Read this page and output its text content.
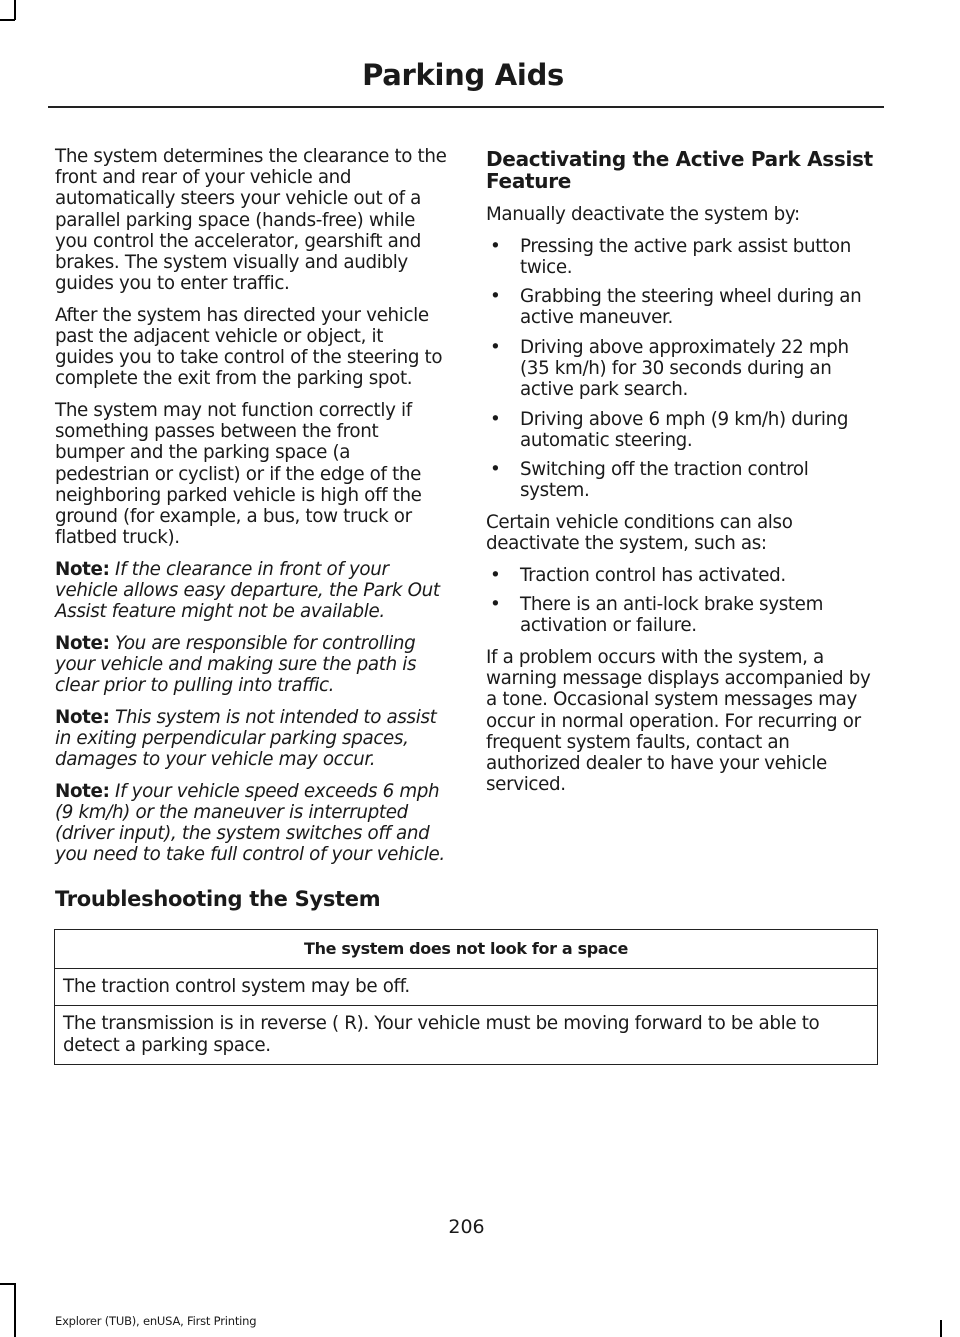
Parking Aids

The system determines the clearance to the front and rear of your vehicle and automatically steers your vehicle out of a parallel parking space (hands-free) while you control the accelerator, gearshift and brakes. The system visually and audibly guides you to enter traffic.

After the system has directed your vehicle past the adjacent vehicle or object, it guides you to take control of the steering to complete the exit from the parking spot.

The system may not function correctly if something passes between the front bumper and the parking space (a pedestrian or cyclist) or if the edge of the neighboring parked vehicle is high off the ground (for example, a bus, tow truck or flatbed truck).

Note: If the clearance in front of your vehicle allows easy departure, the Park Out Assist feature might not be available.

Note: You are responsible for controlling your vehicle and making sure the path is clear prior to pulling into traffic.

Note: This system is not intended to assist in exiting perpendicular parking spaces, damages to your vehicle may occur.

Note: If your vehicle speed exceeds 6 mph (9 km/h) or the maneuver is interrupted (driver input), the system switches off and you need to take full control of your vehicle.

Deactivating the Active Park Assist Feature

Manually deactivate the system by:

• Pressing the active park assist button twice.
• Grabbing the steering wheel during an active maneuver.
• Driving above approximately 22 mph (35 km/h) for 30 seconds during an active park search.
• Driving above 6 mph (9 km/h) during automatic steering.
• Switching off the traction control system.

Certain vehicle conditions can also deactivate the system, such as:

• Traction control has activated.
• There is an anti-lock brake system activation or failure.

If a problem occurs with the system, a warning message displays accompanied by a tone. Occasional system messages may occur in normal operation. For recurring or frequent system faults, contact an authorized dealer to have your vehicle serviced.

Troubleshooting the System
The system does not look for a space
The traction control system may be off.
The transmission is in reverse ( R). Your vehicle must be moving forward to be able to detect a parking space.
206
Explorer (TUB), enUSA, First Printing
